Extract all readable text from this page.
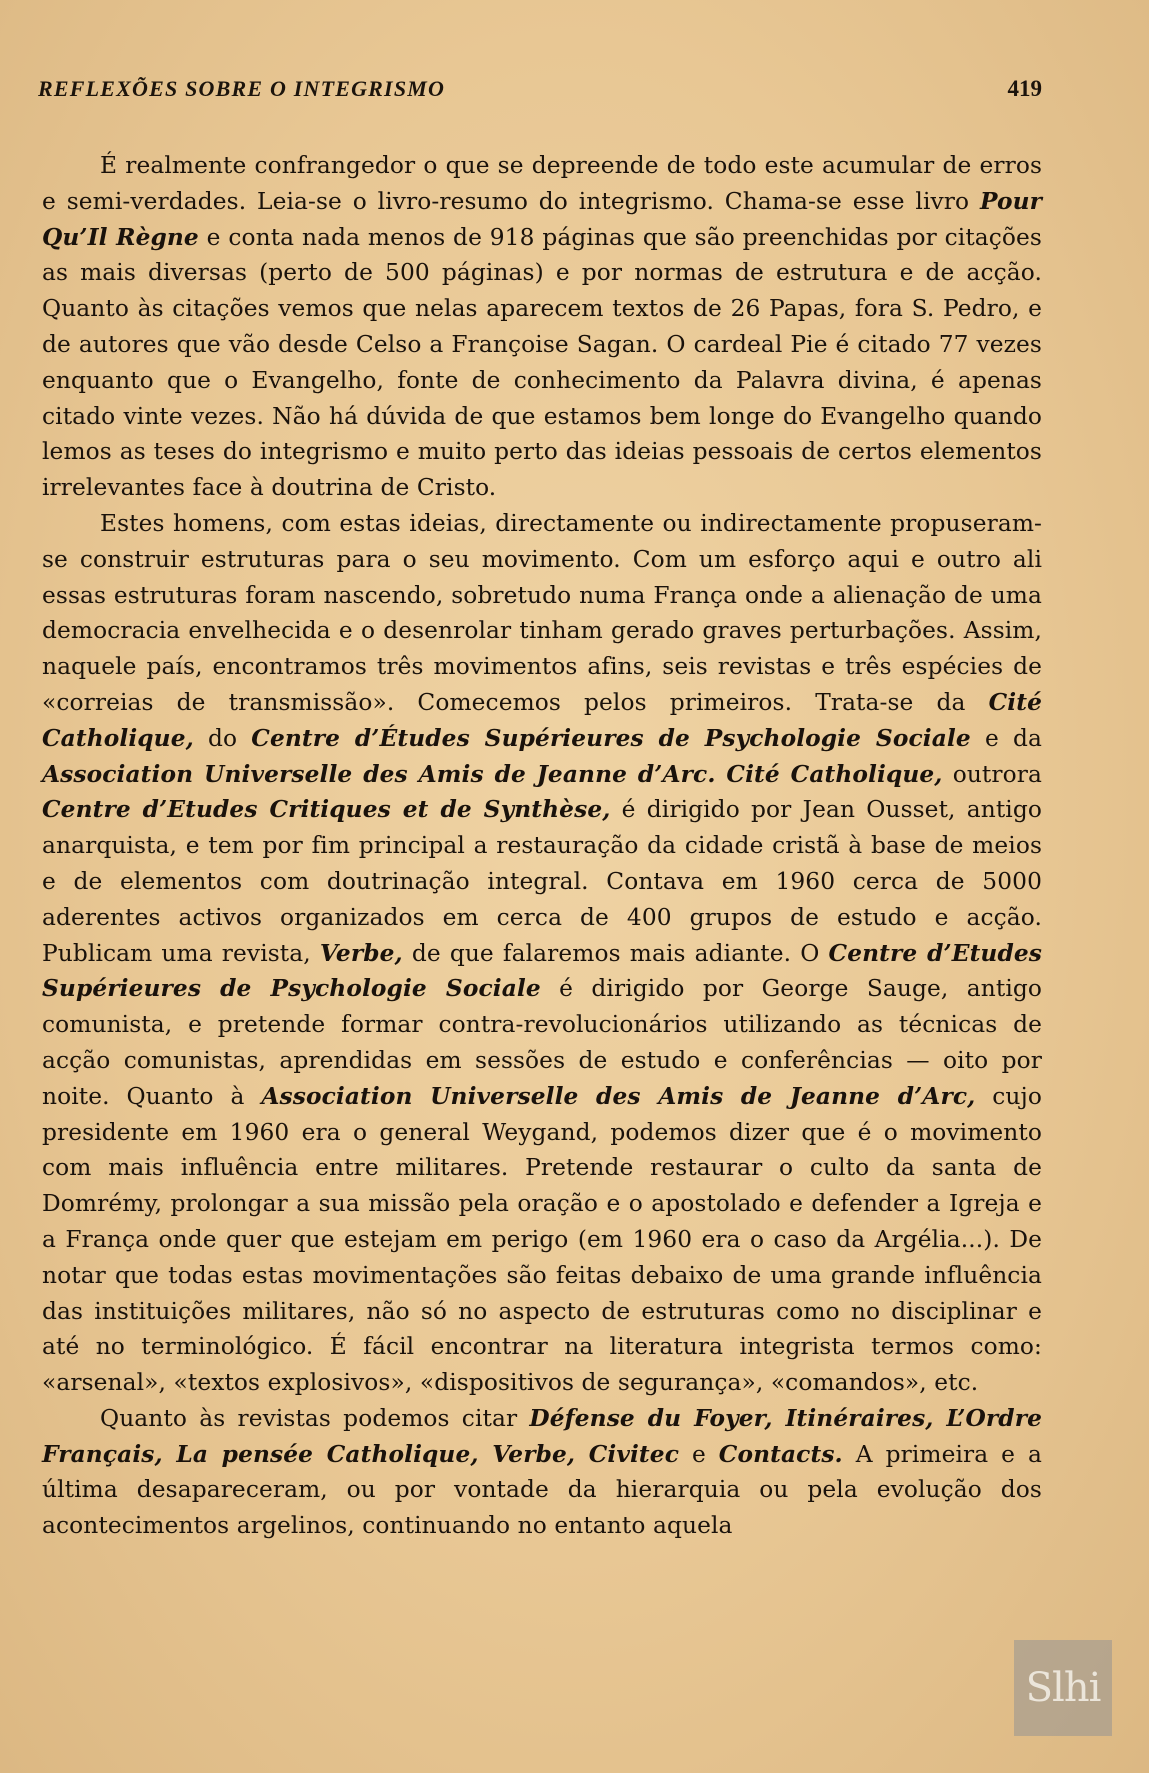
REFLEXÕES SOBRE O INTEGRISMO	419

É realmente confrangedor o que se depreende de todo este acumular de erros e semi-verdades. Leia-se o livro-resumo do integrismo. Chama-se esse livro Pour Qu’Il Règne e conta nada menos de 918 páginas que são preenchidas por citações as mais diversas (perto de 500 páginas) e por normas de estrutura e de acção. Quanto às citações vemos que nelas aparecem textos de 26 Papas, fora S. Pedro, e de autores que vão desde Celso a Françoise Sagan. O cardeal Pie é citado 77 vezes enquanto que o Evangelho, fonte de conhecimento da Palavra divina, é apenas citado vinte vezes. Não há dúvida de que estamos bem longe do Evangelho quando lemos as teses do integrismo e muito perto das ideias pessoais de certos elementos irrelevantes face à doutrina de Cristo.

Estes homens, com estas ideias, directamente ou indirectamente propuseram-se construir estruturas para o seu movimento. Com um esforço aqui e outro ali essas estruturas foram nascendo, sobretudo numa França onde a alienação de uma democracia envelhecida e o desenrolar tinham gerado graves perturbações. Assim, naquele país, encontramos três movimentos afins, seis revistas e três espécies de «correias de transmissão». Comecemos pelos primeiros. Trata-se da Cité Catholique, do Centre d’Études Supérieures de Psychologie Sociale e da Association Universelle des Amis de Jeanne d’Arc. Cité Catholique, outrora Centre d’Etudes Critiques et de Synthèse, é dirigido por Jean Ousset, antigo anarquista, e tem por fim principal a restauração da cidade cristã à base de meios e de elementos com doutrinação integral. Contava em 1960 cerca de 5000 aderentes activos organizados em cerca de 400 grupos de estudo e acção. Publicam uma revista, Verbe, de que falaremos mais adiante. O Centre d’Etudes Supérieures de Psychologie Sociale é dirigido por George Sauge, antigo comunista, e pretende formar contra-revolucionários utilizando as técnicas de acção comunistas, aprendidas em sessões de estudo e conferências — oito por noite. Quanto à Association Universelle des Amis de Jeanne d’Arc, cujo presidente em 1960 era o general Weygand, podemos dizer que é o movimento com mais influência entre militares. Pretende restaurar o culto da santa de Domrémy, prolongar a sua missão pela oração e o apostolado e defender a Igreja e a França onde quer que estejam em perigo (em 1960 era o caso da Argélia...). De notar que todas estas movimentações são feitas debaixo de uma grande influência das instituições militares, não só no aspecto de estruturas como no disciplinar e até no terminológico. É fácil encontrar na literatura integrista termos como: «arsenal», «textos explosivos», «dispositivos de segurança», «comandos», etc.

Quanto às revistas podemos citar Défense du Foyer, Itinéraires, L’Ordre Français, La pensée Catholique, Verbe, Civitec e Contacts. A primeira e a última desapareceram, ou por vontade da hierarquia ou pela evolução dos acontecimentos argelinos, continuando no entanto aquela

Slhi
